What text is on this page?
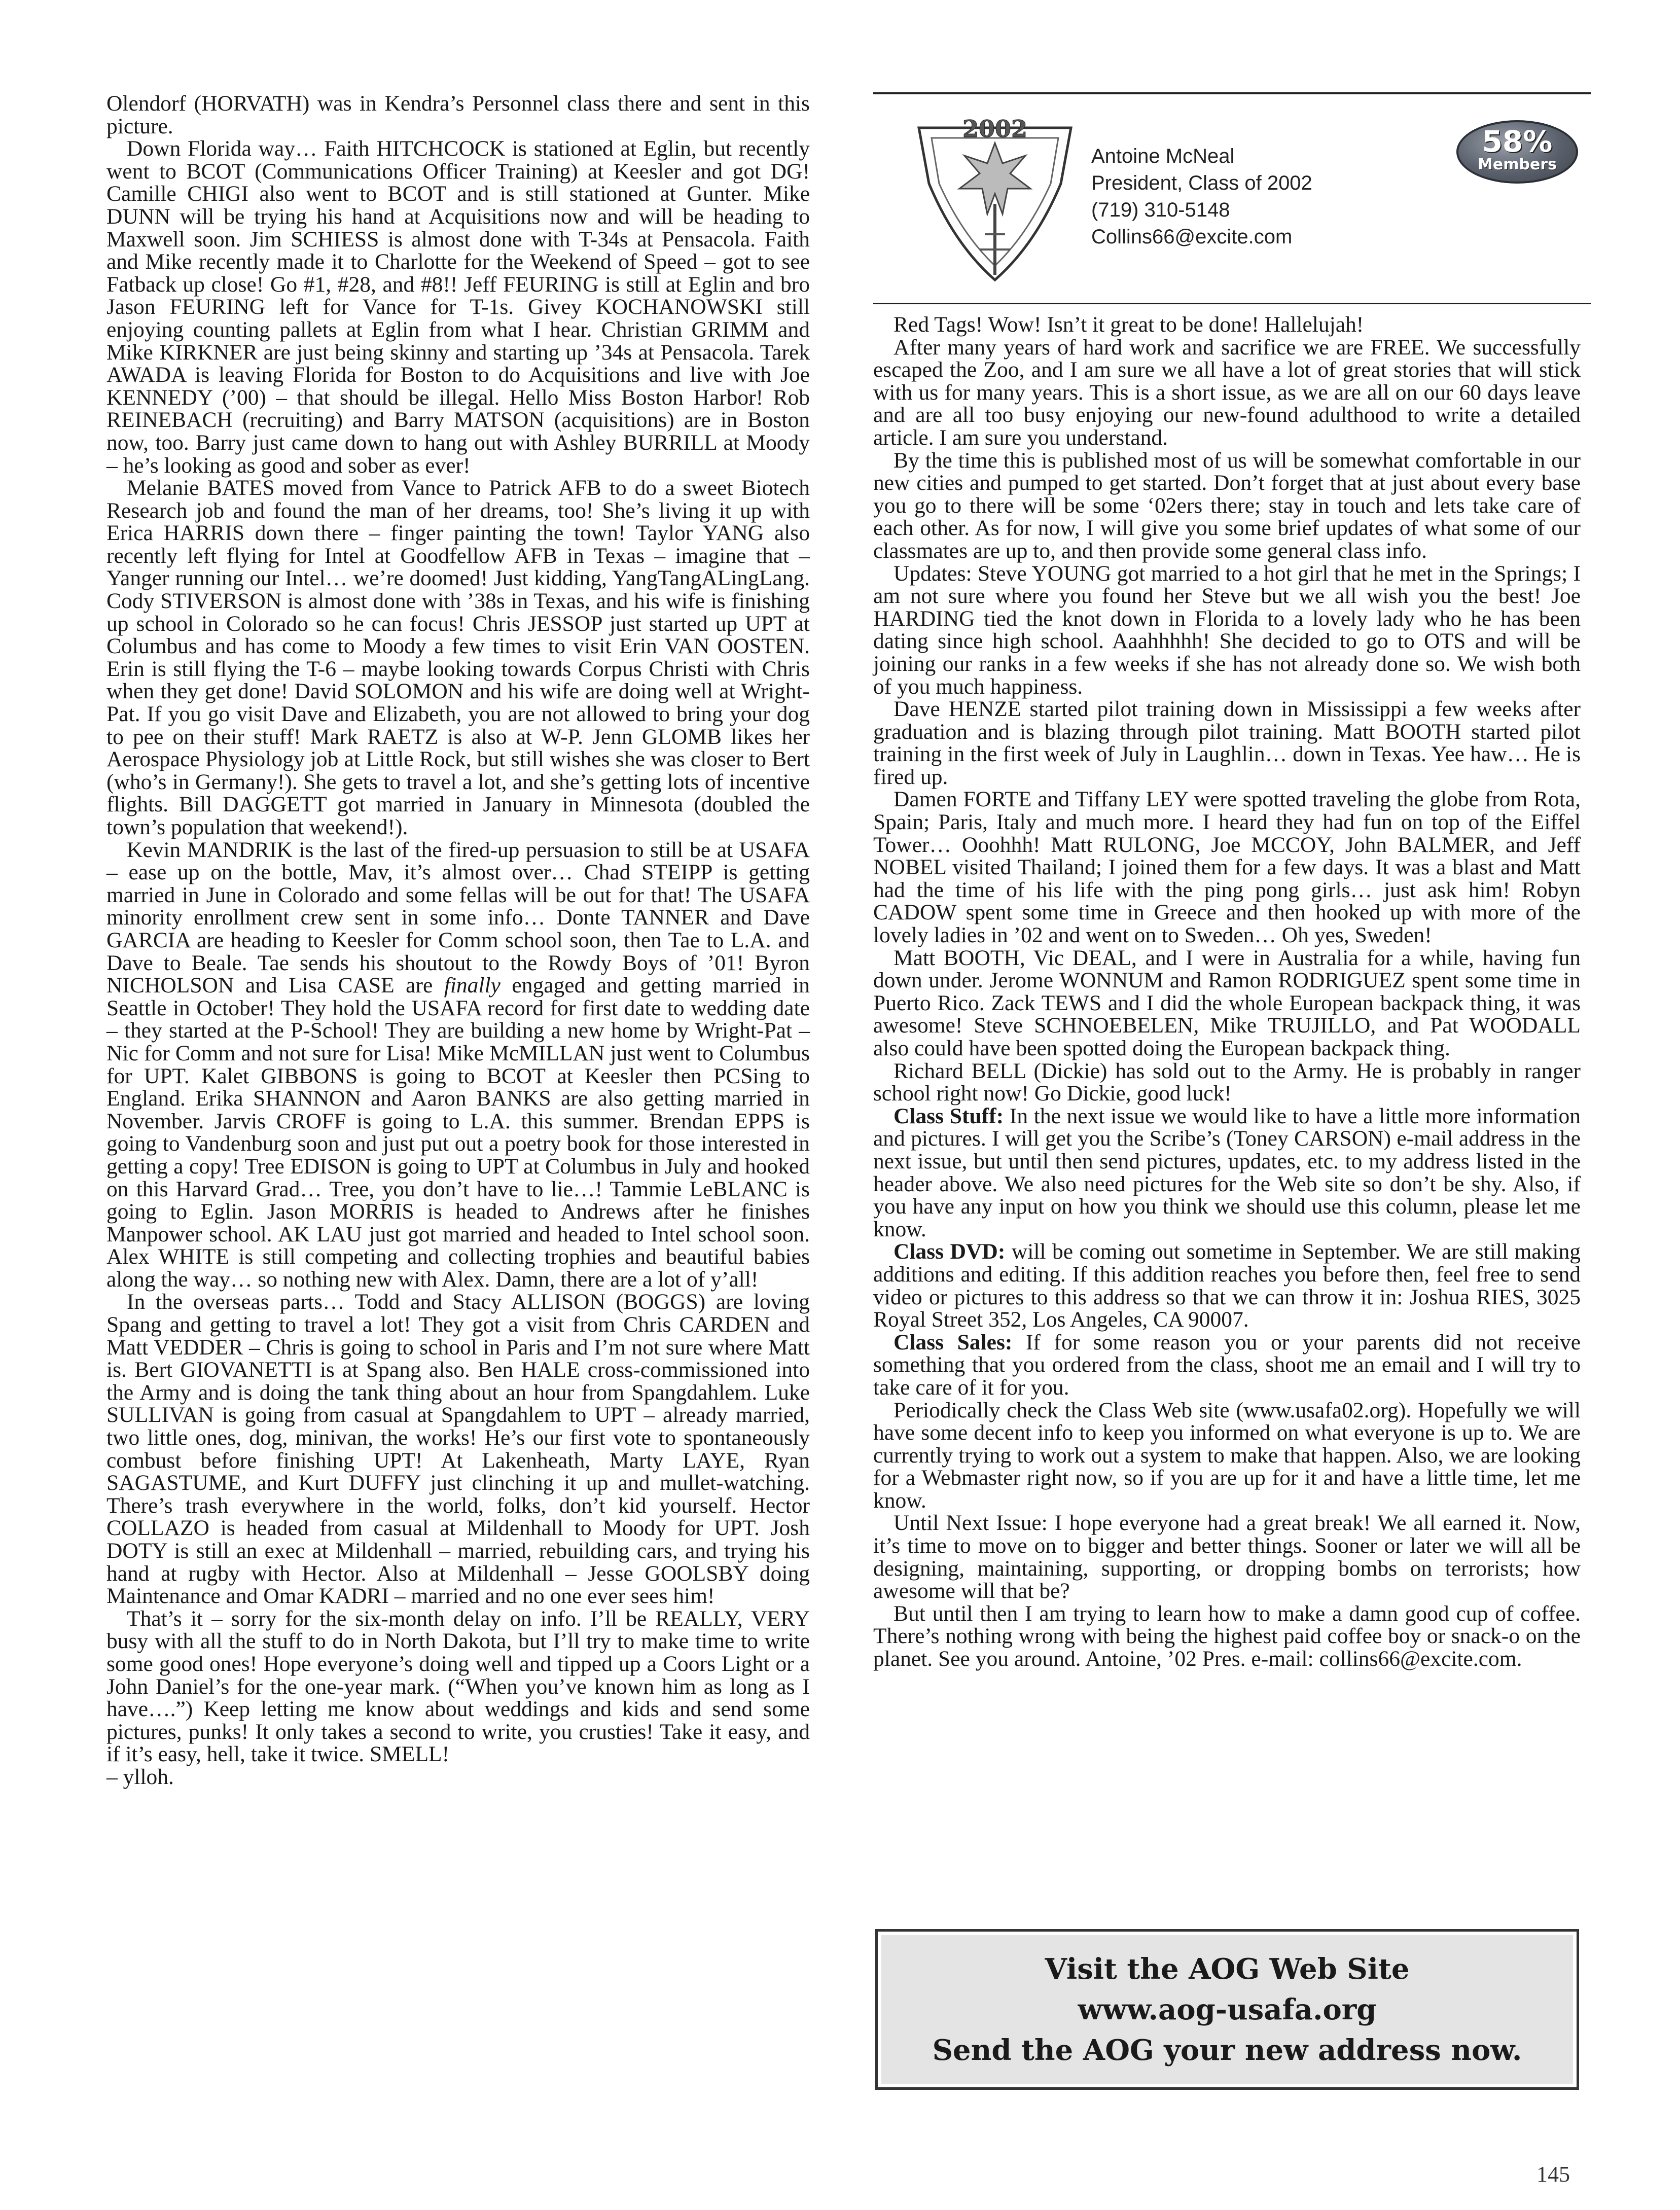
Olendorf (HORVATH) was in Kendra’s Personnel class there and sent in this picture.

Down Florida way… Faith HITCHCOCK is stationed at Eglin, but recently went to BCOT (Communications Officer Training) at Keesler and got DG! Camille CHIGI also went to BCOT and is still stationed at Gunter. Mike DUNN will be trying his hand at Acquisitions now and will be heading to Maxwell soon. Jim SCHIESS is almost done with T-34s at Pensacola. Faith and Mike recently made it to Charlotte for the Weekend of Speed – got to see Fatback up close! Go #1, #28, and #8!! Jeff FEURING is still at Eglin and bro Jason FEURING left for Vance for T-1s. Givey KOCHANOWSKI still enjoying counting pallets at Eglin from what I hear. Christian GRIMM and Mike KIRKNER are just being skinny and starting up ’34s at Pensacola. Tarek AWADA is leaving Florida for Boston to do Acquisitions and live with Joe KENNEDY (’00) – that should be illegal. Hello Miss Boston Harbor! Rob REINEBACH (recruiting) and Barry MATSON (acquisitions) are in Boston now, too. Barry just came down to hang out with Ashley BURRILL at Moody – he’s looking as good and sober as ever!

Melanie BATES moved from Vance to Patrick AFB to do a sweet Biotech Research job and found the man of her dreams, too! She’s living it up with Erica HARRIS down there – finger painting the town! Taylor YANG also recently left flying for Intel at Goodfellow AFB in Texas – imagine that – Yanger running our Intel… we’re doomed! Just kidding, YangTangALingLang. Cody STIVERSON is almost done with ’38s in Texas, and his wife is finishing up school in Colorado so he can focus! Chris JESSOP just started up UPT at Columbus and has come to Moody a few times to visit Erin VAN OOSTEN. Erin is still flying the T-6 – maybe looking towards Corpus Christi with Chris when they get done! David SOLOMON and his wife are doing well at Wright-Pat. If you go visit Dave and Elizabeth, you are not allowed to bring your dog to pee on their stuff! Mark RAETZ is also at W-P. Jenn GLOMB likes her Aerospace Physiology job at Little Rock, but still wishes she was closer to Bert (who’s in Germany!). She gets to travel a lot, and she’s getting lots of incentive flights. Bill DAGGETT got married in January in Minnesota (doubled the town’s population that weekend!).

Kevin MANDRIK is the last of the fired-up persuasion to still be at USAFA – ease up on the bottle, Mav, it’s almost over… Chad STEIPP is getting married in June in Colorado and some fellas will be out for that! The USAFA minority enrollment crew sent in some info… Donte TANNER and Dave GARCIA are heading to Keesler for Comm school soon, then Tae to L.A. and Dave to Beale. Tae sends his shoutout to the Rowdy Boys of ’01! Byron NICHOLSON and Lisa CASE are finally engaged and getting married in Seattle in October! They hold the USAFA record for first date to wedding date – they started at the P-School! They are building a new home by Wright-Pat – Nic for Comm and not sure for Lisa! Mike McMILLAN just went to Columbus for UPT. Kalet GIBBONS is going to BCOT at Keesler then PCSing to England. Erika SHANNON and Aaron BANKS are also getting married in November. Jarvis CROFF is going to L.A. this summer. Brendan EPPS is going to Vandenburg soon and just put out a poetry book for those interested in getting a copy! Tree EDISON is going to UPT at Columbus in July and hooked on this Harvard Grad… Tree, you don’t have to lie…! Tammie LeBLANC is going to Eglin. Jason MORRIS is headed to Andrews after he finishes Manpower school. AK LAU just got married and headed to Intel school soon. Alex WHITE is still competing and collecting trophies and beautiful babies along the way… so nothing new with Alex. Damn, there are a lot of y’all!

In the overseas parts… Todd and Stacy ALLISON (BOGGS) are loving Spang and getting to travel a lot! They got a visit from Chris CARDEN and Matt VEDDER – Chris is going to school in Paris and I’m not sure where Matt is. Bert GIOVANETTI is at Spang also. Ben HALE cross-commissioned into the Army and is doing the tank thing about an hour from Spangdahlem. Luke SULLIVAN is going from casual at Spangdahlem to UPT – already married, two little ones, dog, minivan, the works! He’s our first vote to spontaneously combust before finishing UPT! At Lakenheath, Marty LAYE, Ryan SAGASTUME, and Kurt DUFFY just clinching it up and mullet-watching. There’s trash everywhere in the world, folks, don’t kid yourself. Hector COLLAZO is headed from casual at Mildenhall to Moody for UPT. Josh DOTY is still an exec at Mildenhall – married, rebuilding cars, and trying his hand at rugby with Hector. Also at Mildenhall – Jesse GOOLSBY doing Maintenance and Omar KADRI – married and no one ever sees him!

That’s it – sorry for the six-month delay on info. I’ll be REALLY, VERY busy with all the stuff to do in North Dakota, but I’ll try to make time to write some good ones! Hope everyone’s doing well and tipped up a Coors Light or a John Daniel’s for the one-year mark. (“When you’ve known him as long as I have….”) Keep letting me know about weddings and kids and send some pictures, punks! It only takes a second to write, you crusties! Take it easy, and if it’s easy, hell, take it twice. SMELL!

– ylloh.

2002
Antoine McNeal
President, Class of 2002
(719) 310-5148
Collins66@excite.com
58%
Members

Red Tags! Wow! Isn’t it great to be done! Hallelujah!

After many years of hard work and sacrifice we are FREE. We successfully escaped the Zoo, and I am sure we all have a lot of great stories that will stick with us for many years. This is a short issue, as we are all on our 60 days leave and are all too busy enjoying our new-found adulthood to write a detailed article. I am sure you understand.

By the time this is published most of us will be somewhat comfortable in our new cities and pumped to get started. Don’t forget that at just about every base you go to there will be some ‘02ers there; stay in touch and lets take care of each other. As for now, I will give you some brief updates of what some of our classmates are up to, and then provide some general class info.

Updates: Steve YOUNG got married to a hot girl that he met in the Springs; I am not sure where you found her Steve but we all wish you the best! Joe HARDING tied the knot down in Florida to a lovely lady who he has been dating since high school. Aaahhhhh! She decided to go to OTS and will be joining our ranks in a few weeks if she has not already done so. We wish both of you much happiness.

Dave HENZE started pilot training down in Mississippi a few weeks after graduation and is blazing through pilot training. Matt BOOTH started pilot training in the first week of July in Laughlin… down in Texas. Yee haw… He is fired up.

Damen FORTE and Tiffany LEY were spotted traveling the globe from Rota, Spain; Paris, Italy and much more. I heard they had fun on top of the Eiffel Tower… Ooohhh! Matt RULONG, Joe MCCOY, John BALMER, and Jeff NOBEL visited Thailand; I joined them for a few days. It was a blast and Matt had the time of his life with the ping pong girls… just ask him! Robyn CADOW spent some time in Greece and then hooked up with more of the lovely ladies in ’02 and went on to Sweden… Oh yes, Sweden!

Matt BOOTH, Vic DEAL, and I were in Australia for a while, having fun down under. Jerome WONNUM and Ramon RODRIGUEZ spent some time in Puerto Rico. Zack TEWS and I did the whole European backpack thing, it was awesome! Steve SCHNOEBELEN, Mike TRUJILLO, and Pat WOODALL also could have been spotted doing the European backpack thing.

Richard BELL (Dickie) has sold out to the Army. He is probably in ranger school right now! Go Dickie, good luck!

Class Stuff: In the next issue we would like to have a little more information and pictures. I will get you the Scribe’s (Toney CARSON) e-mail address in the next issue, but until then send pictures, updates, etc. to my address listed in the header above. We also need pictures for the Web site so don’t be shy. Also, if you have any input on how you think we should use this column, please let me know.

Class DVD: will be coming out sometime in September. We are still making additions and editing. If this addition reaches you before then, feel free to send video or pictures to this address so that we can throw it in: Joshua RIES, 3025 Royal Street 352, Los Angeles, CA 90007.

Class Sales: If for some reason you or your parents did not receive something that you ordered from the class, shoot me an email and I will try to take care of it for you.

Periodically check the Class Web site (www.usafa02.org). Hopefully we will have some decent info to keep you informed on what everyone is up to. We are currently trying to work out a system to make that happen. Also, we are looking for a Webmaster right now, so if you are up for it and have a little time, let me know.

Until Next Issue: I hope everyone had a great break! We all earned it. Now, it’s time to move on to bigger and better things. Sooner or later we will all be designing, maintaining, supporting, or dropping bombs on terrorists; how awesome will that be?

But until then I am trying to learn how to make a damn good cup of coffee. There’s nothing wrong with being the highest paid coffee boy or snack-o on the planet. See you around. Antoine, ’02 Pres. e-mail: collins66@excite.com.

Visit the AOG Web Site
www.aog-usafa.org
Send the AOG your new address now.
145
